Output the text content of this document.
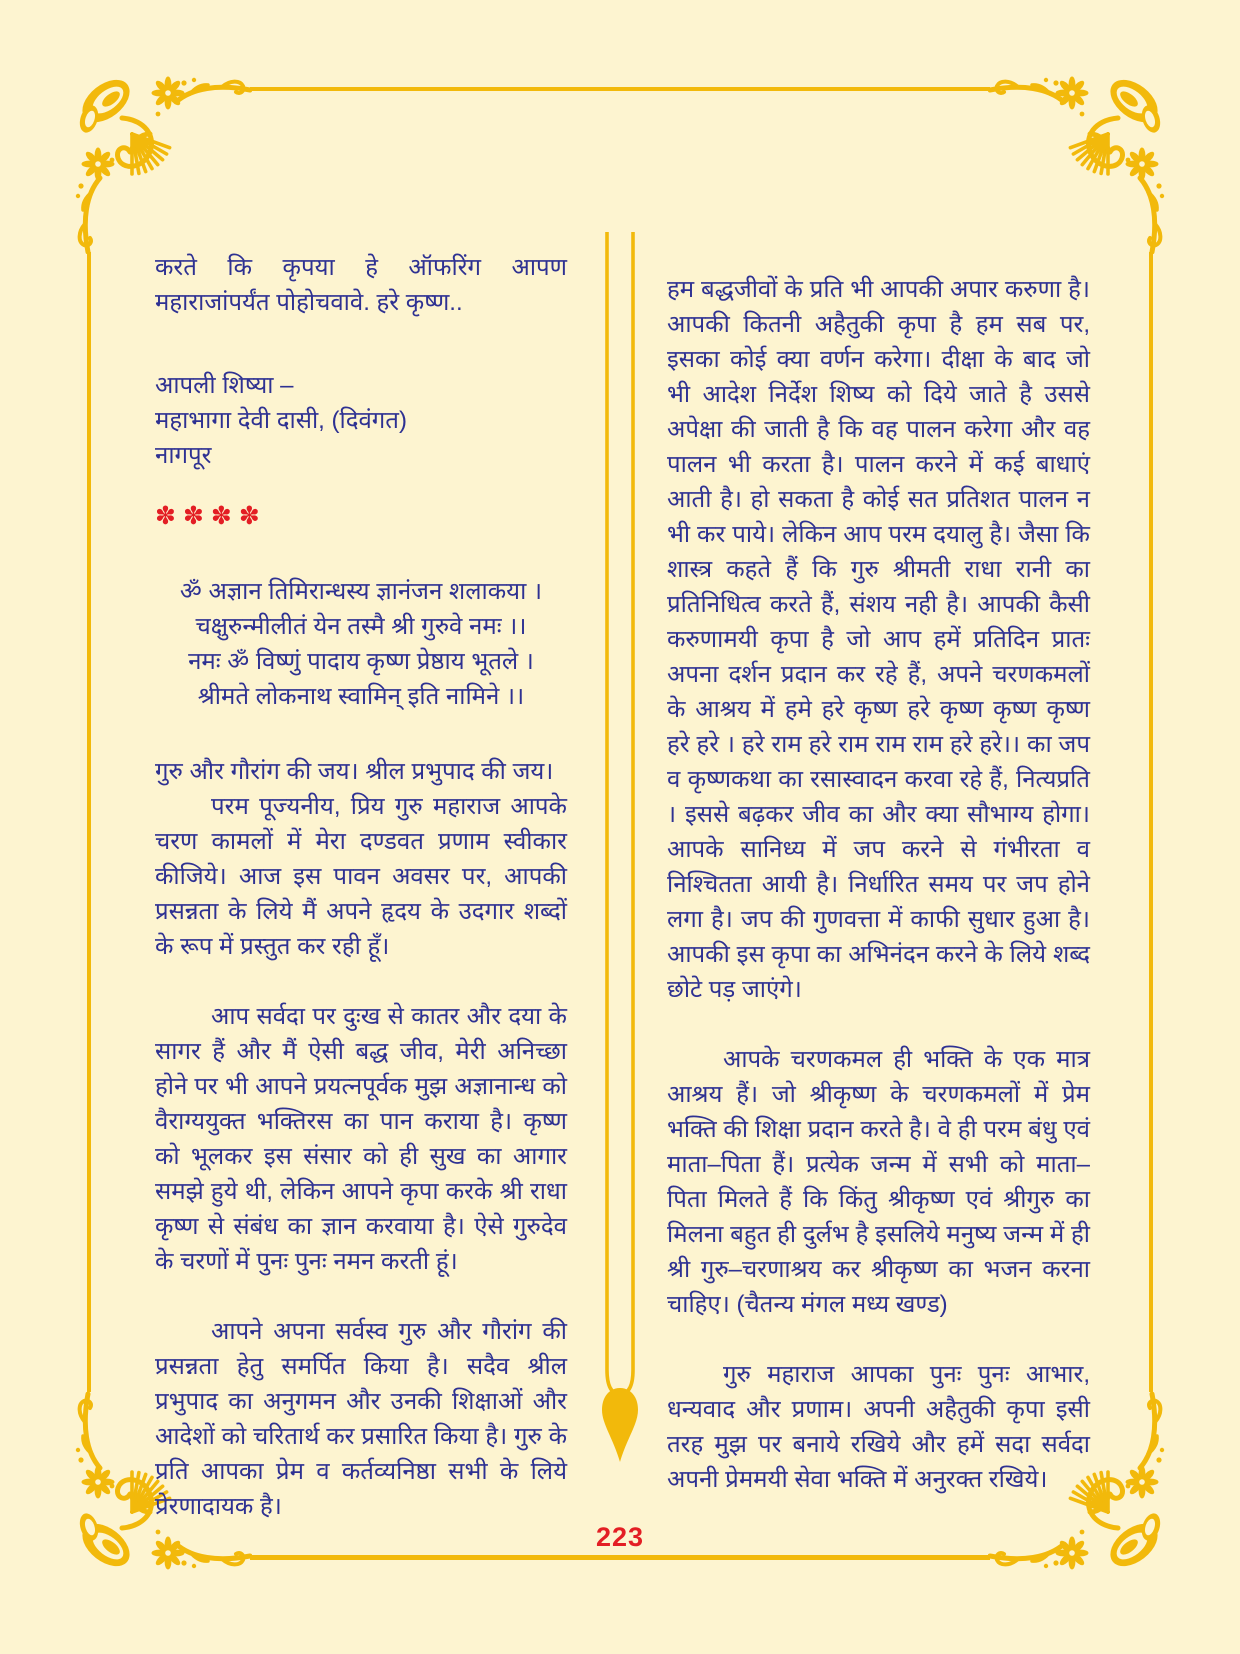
करते कि कृपया हे ऑफरिंग आपण महाराजांपर्यंत पोहोचवावे. हरे कृष्ण..

आपली शिष्या –
महाभागा देवी दासी, (दिवंगत)
नागपूर
✽✽✽✽
ॐ अज्ञान तिमिरान्धस्य ज्ञानंजन शलाकया ।
चक्षुरुन्मीलीतं येन तस्मै श्री गुरुवे नमः ।।
नमः ॐ विष्णुं पादाय कृष्ण प्रेष्ठाय भूतले ।
श्रीमते लोकनाथ स्वामिन् इति नामिने ।।

गुरु और गौरांग की जय। श्रील प्रभुपाद की जय।

परम पूज्यनीय, प्रिय गुरु महाराज आपके चरण कामलों में मेरा दण्डवत प्रणाम स्वीकार कीजिये। आज इस पावन अवसर पर, आपकी प्रसन्नता के लिये मैं अपने हृदय के उदगार शब्दों के रूप में प्रस्तुत कर रही हूँ।

आप सर्वदा पर दुःख से कातर और दया के सागर हैं और मैं ऐसी बद्ध जीव, मेरी अनिच्छा होने पर भी आपने प्रयत्नपूर्वक मुझ अज्ञानान्ध को वैराग्ययुक्त भक्तिरस का पान कराया है। कृष्ण को भूलकर इस संसार को ही सुख का आगार समझे हुये थी, लेकिन आपने कृपा करके श्री राधा कृष्ण से संबंध का ज्ञान करवाया है। ऐसे गुरुदेव के चरणों में पुनः पुनः नमन करती हूं।

आपने अपना सर्वस्व गुरु और गौरांग की प्रसन्नता हेतु समर्पित किया है। सदैव श्रील प्रभुपाद का अनुगमन और उनकी शिक्षाओं और आदेशों को चरितार्थ कर प्रसारित किया है। गुरु के प्रति आपका प्रेम व कर्तव्यनिष्ठा सभी के लिये प्रेरणादायक है।

हम बद्धजीवों के प्रति भी आपकी अपार करुणा है। आपकी कितनी अहैतुकी कृपा है हम सब पर, इसका कोई क्या वर्णन करेगा। दीक्षा के बाद जो भी आदेश निर्देश शिष्य को दिये जाते है उससे अपेक्षा की जाती है कि वह पालन करेगा और वह पालन भी करता है। पालन करने में कई बाधाएं आती है। हो सकता है कोई सत प्रतिशत पालन न भी कर पाये। लेकिन आप परम दयालु है। जैसा कि शास्त्र कहते हैं कि गुरु श्रीमती राधा रानी का प्रतिनिधित्व करते हैं, संशय नही है। आपकी कैसी करुणामयी कृपा है जो आप हमें प्रतिदिन प्रातः अपना दर्शन प्रदान कर रहे हैं, अपने चरणकमलों के आश्रय में हमे हरे कृष्ण हरे कृष्ण कृष्ण कृष्ण हरे हरे । हरे राम हरे राम राम राम हरे हरे।। का जप व कृष्णकथा का रसास्वादन करवा रहे हैं, नित्यप्रति । इससे बढ़कर जीव का और क्या सौभाग्य होगा। आपके सानिध्य में जप करने से गंभीरता व निश्चितता आयी है। निर्धारित समय पर जप होने लगा है। जप की गुणवत्ता में काफी सुधार हुआ है। आपकी इस कृपा का अभिनंदन करने के लिये शब्द छोटे पड़ जाएंगे।

आपके चरणकमल ही भक्ति के एक मात्र आश्रय हैं। जो श्रीकृष्ण के चरणकमलों में प्रेम भक्ति की शिक्षा प्रदान करते है। वे ही परम बंधु एवं माता–पिता हैं। प्रत्येक जन्म में सभी को माता–पिता मिलते हैं कि किंतु श्रीकृष्ण एवं श्रीगुरु का मिलना बहुत ही दुर्लभ है इसलिये मनुष्य जन्म में ही श्री गुरु–चरणाश्रय कर श्रीकृष्ण का भजन करना चाहिए। (चैतन्य मंगल मध्य खण्ड)

गुरु महाराज आपका पुनः पुनः आभार, धन्यवाद और प्रणाम। अपनी अहैतुकी कृपा इसी तरह मुझ पर बनाये रखिये और हमें सदा सर्वदा अपनी प्रेममयी सेवा भक्ति में अनुरक्त रखिये।

223
